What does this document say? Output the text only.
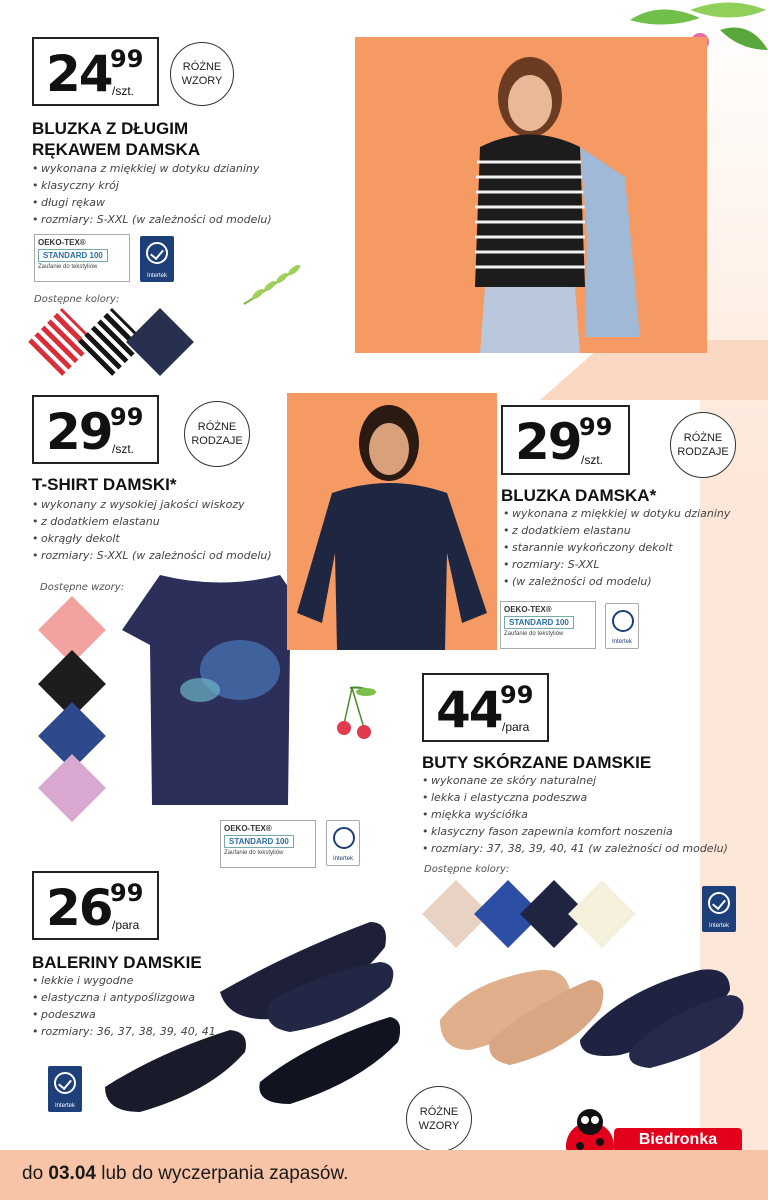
24
99
/szt.
RÓŻNE
WZORY
BLUZKA Z DŁUGIM
RĘKAWEM DAMSKA
• wykonana z miękkiej w dotyku dzianiny
• klasyczny krój
• długi rękaw
• rozmiary: S-XXL (w zależności od modelu)
OEKO-TEX®
STANDARD 100
Zaufanie do tekstyliów
Intertek
Dostępne kolory:
29
99
/szt.
RÓŻNE
RODZAJE
T-SHIRT DAMSKI*
• wykonany z wysokiej jakości wiskozy
• z dodatkiem elastanu
• okrągły dekolt
• rozmiary: S-XXL (w zależności od modelu)
Dostępne wzory:
29
99
/szt.
RÓŻNE
RODZAJE
BLUZKA DAMSKA*
• wykonana z miękkiej w dotyku dzianiny
• z dodatkiem elastanu
• starannie wykończony dekolt
• rozmiary: S-XXL
• (w zależności od modelu)
OEKO-TEX®
STANDARD 100
Zaufanie do tekstyliów
Intertek
OEKO-TEX®
STANDARD 100
Zaufanie do tekstyliów
Intertek
44
99
/para
BUTY SKÓRZANE DAMSKIE
• wykonane ze skóry naturalnej
• lekka i elastyczna podeszwa
• miękka wyściółka
• klasyczny fason zapewnia komfort noszenia
• rozmiary: 37, 38, 39, 40, 41 (w zależności od modelu)
Dostępne kolory:
Intertek
26
99
/para
BALERINY DAMSKIE
• lekkie i wygodne
• elastyczna i antypoślizgowa
• podeszwa
• rozmiary: 36, 37, 38, 39, 40, 41
Intertek	RÓŻNE
WZORY
Biedronka
do 03.04 lub do wyczerpania zapasów.
